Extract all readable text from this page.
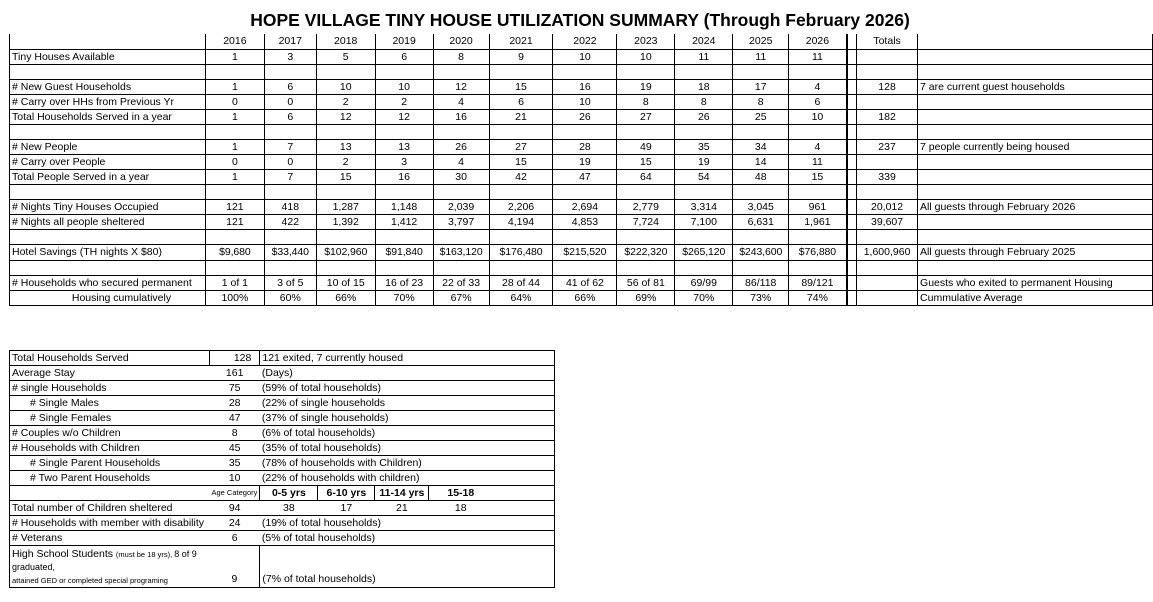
HOPE VILLAGE TINY HOUSE UTILIZATION SUMMARY (Through February 2026)
	2016	2017	2018	2019	2020	2021	2022	2023	2024	2025	2026		Totals	
Tiny Houses Available	1	3	5	6	8	9	10	10	11	11	11			

# New Guest Households	1	6	10	10	12	15	16	19	18	17	4		128	7 are current guest households
# Carry over HHs from Previous Yr	0	0	2	2	4	6	10	8	8	8	6			
Total Households Served in a year	1	6	12	12	16	21	26	27	26	25	10		182	

# New People	1	7	13	13	26	27	28	49	35	34	4		237	7 people currently being housed
# Carry over People	0	0	2	3	4	15	19	15	19	14	11			
Total People Served in a year	1	7	15	16	30	42	47	64	54	48	15		339	

# Nights Tiny Houses Occupied	121	418	1,287	1,148	2,039	2,206	2,694	2,779	3,314	3,045	961		20,012	All guests through February 2026
# Nights all people sheltered	121	422	1,392	1,412	3,797	4,194	4,853	7,724	7,100	6,631	1,961		39,607	

Hotel Savings (TH nights X $80)	$9,680	$33,440	$102,960	$91,840	$163,120	$176,480	$215,520	$222,320	$265,120	$243,600	$76,880		1,600,960	All guests through February 2025

# Households who secured permanent	1 of 1	3 of 5	10 of 15	16 of 23	22 of 33	28 of 44	41 of 62	56 of 81	69/99	86/118	89/121			Guests who exited to permanent Housing
Housing cumulatively	100%	60%	66%	70%	67%	64%	66%	69%	70%	73%	74%			Cummulative Average
Total Households Served	128	121 exited, 7 currently housed			
Average Stay	161	(Days)			
# single Households	75	(59% of total households)			
# Single Males	28	(22% of single households			
# Single Females	47	(37% of single households)			
# Couples w/o Children	8	(6% of total households)			
# Households with Children	45	(35% of total households)			
# Single Parent Households	35	(78% of households with Children)			
# Two Parent Households	10	(22% of households with children)			
	Age Category	0-5 yrs	6-10 yrs	11-14 yrs	15-18
Total number of Children sheltered	94	38	17	21	18
# Households with member with disability	24	(19% of total households)			
# Veterans	6	(5% of total households)			
High School Students (must be 18 yrs), 8 of 9 graduated,
attained GED or completed special programing	9	(7% of total households)			
